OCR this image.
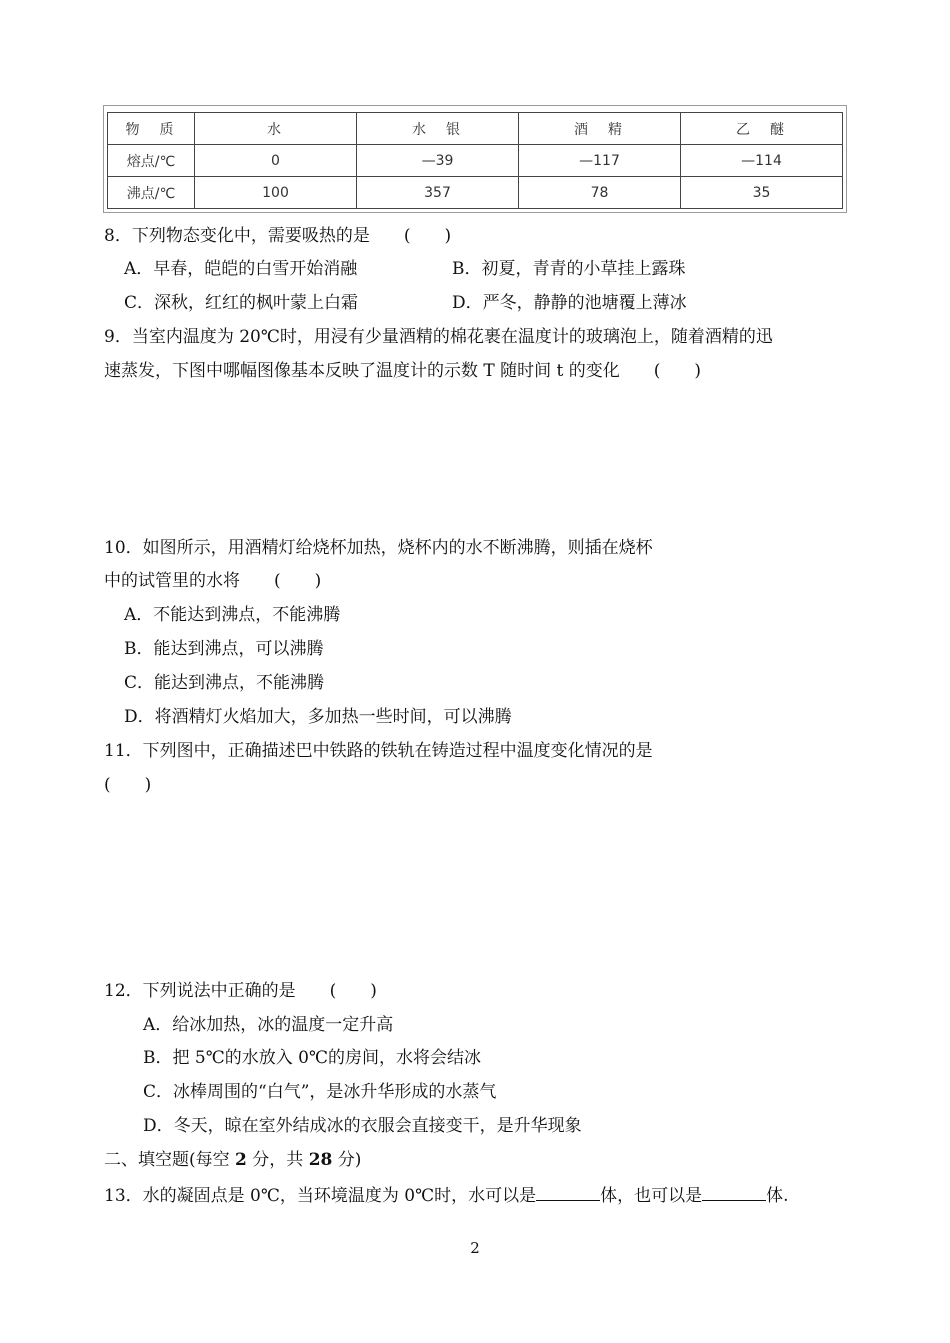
物　质	水	水　银	酒　精	乙　醚
熔点/℃	0	—39	—117	—114
沸点/℃	100	357	78	35
8．下列物态变化中，需要吸热的是　　(　　)
A．早春，皑皑的白雪开始消融	B．初夏，青青的小草挂上露珠
C．深秋，红红的枫叶蒙上白霜	D．严冬，静静的池塘覆上薄冰
9．当室内温度为 20℃时，用浸有少量酒精的棉花裹在温度计的玻璃泡上，随着酒精的迅
速蒸发，下图中哪幅图像基本反映了温度计的示数 T 随时间 t 的变化　　(　　)
10．如图所示，用酒精灯给烧杯加热，烧杯内的水不断沸腾，则插在烧杯
中的试管里的水将　　(　　)
A．不能达到沸点，不能沸腾
B．能达到沸点，可以沸腾
C．能达到沸点，不能沸腾
D．将酒精灯火焰加大，多加热一些时间，可以沸腾
11．下列图中，正确描述巴中铁路的铁轨在铸造过程中温度变化情况的是
(　　)
12．下列说法中正确的是　　(　　)
A．给冰加热，冰的温度一定升高
B．把 5℃的水放入 0℃的房间，水将会结冰
C．冰棒周围的“白气”，是冰升华形成的水蒸气
D．冬天，晾在室外结成冰的衣服会直接变干，是升华现象
二、填空题(每空 2 分，共 28 分)
13．水的凝固点是 0℃，当环境温度为 0℃时，水可以是	体，也可以是	体.
2
